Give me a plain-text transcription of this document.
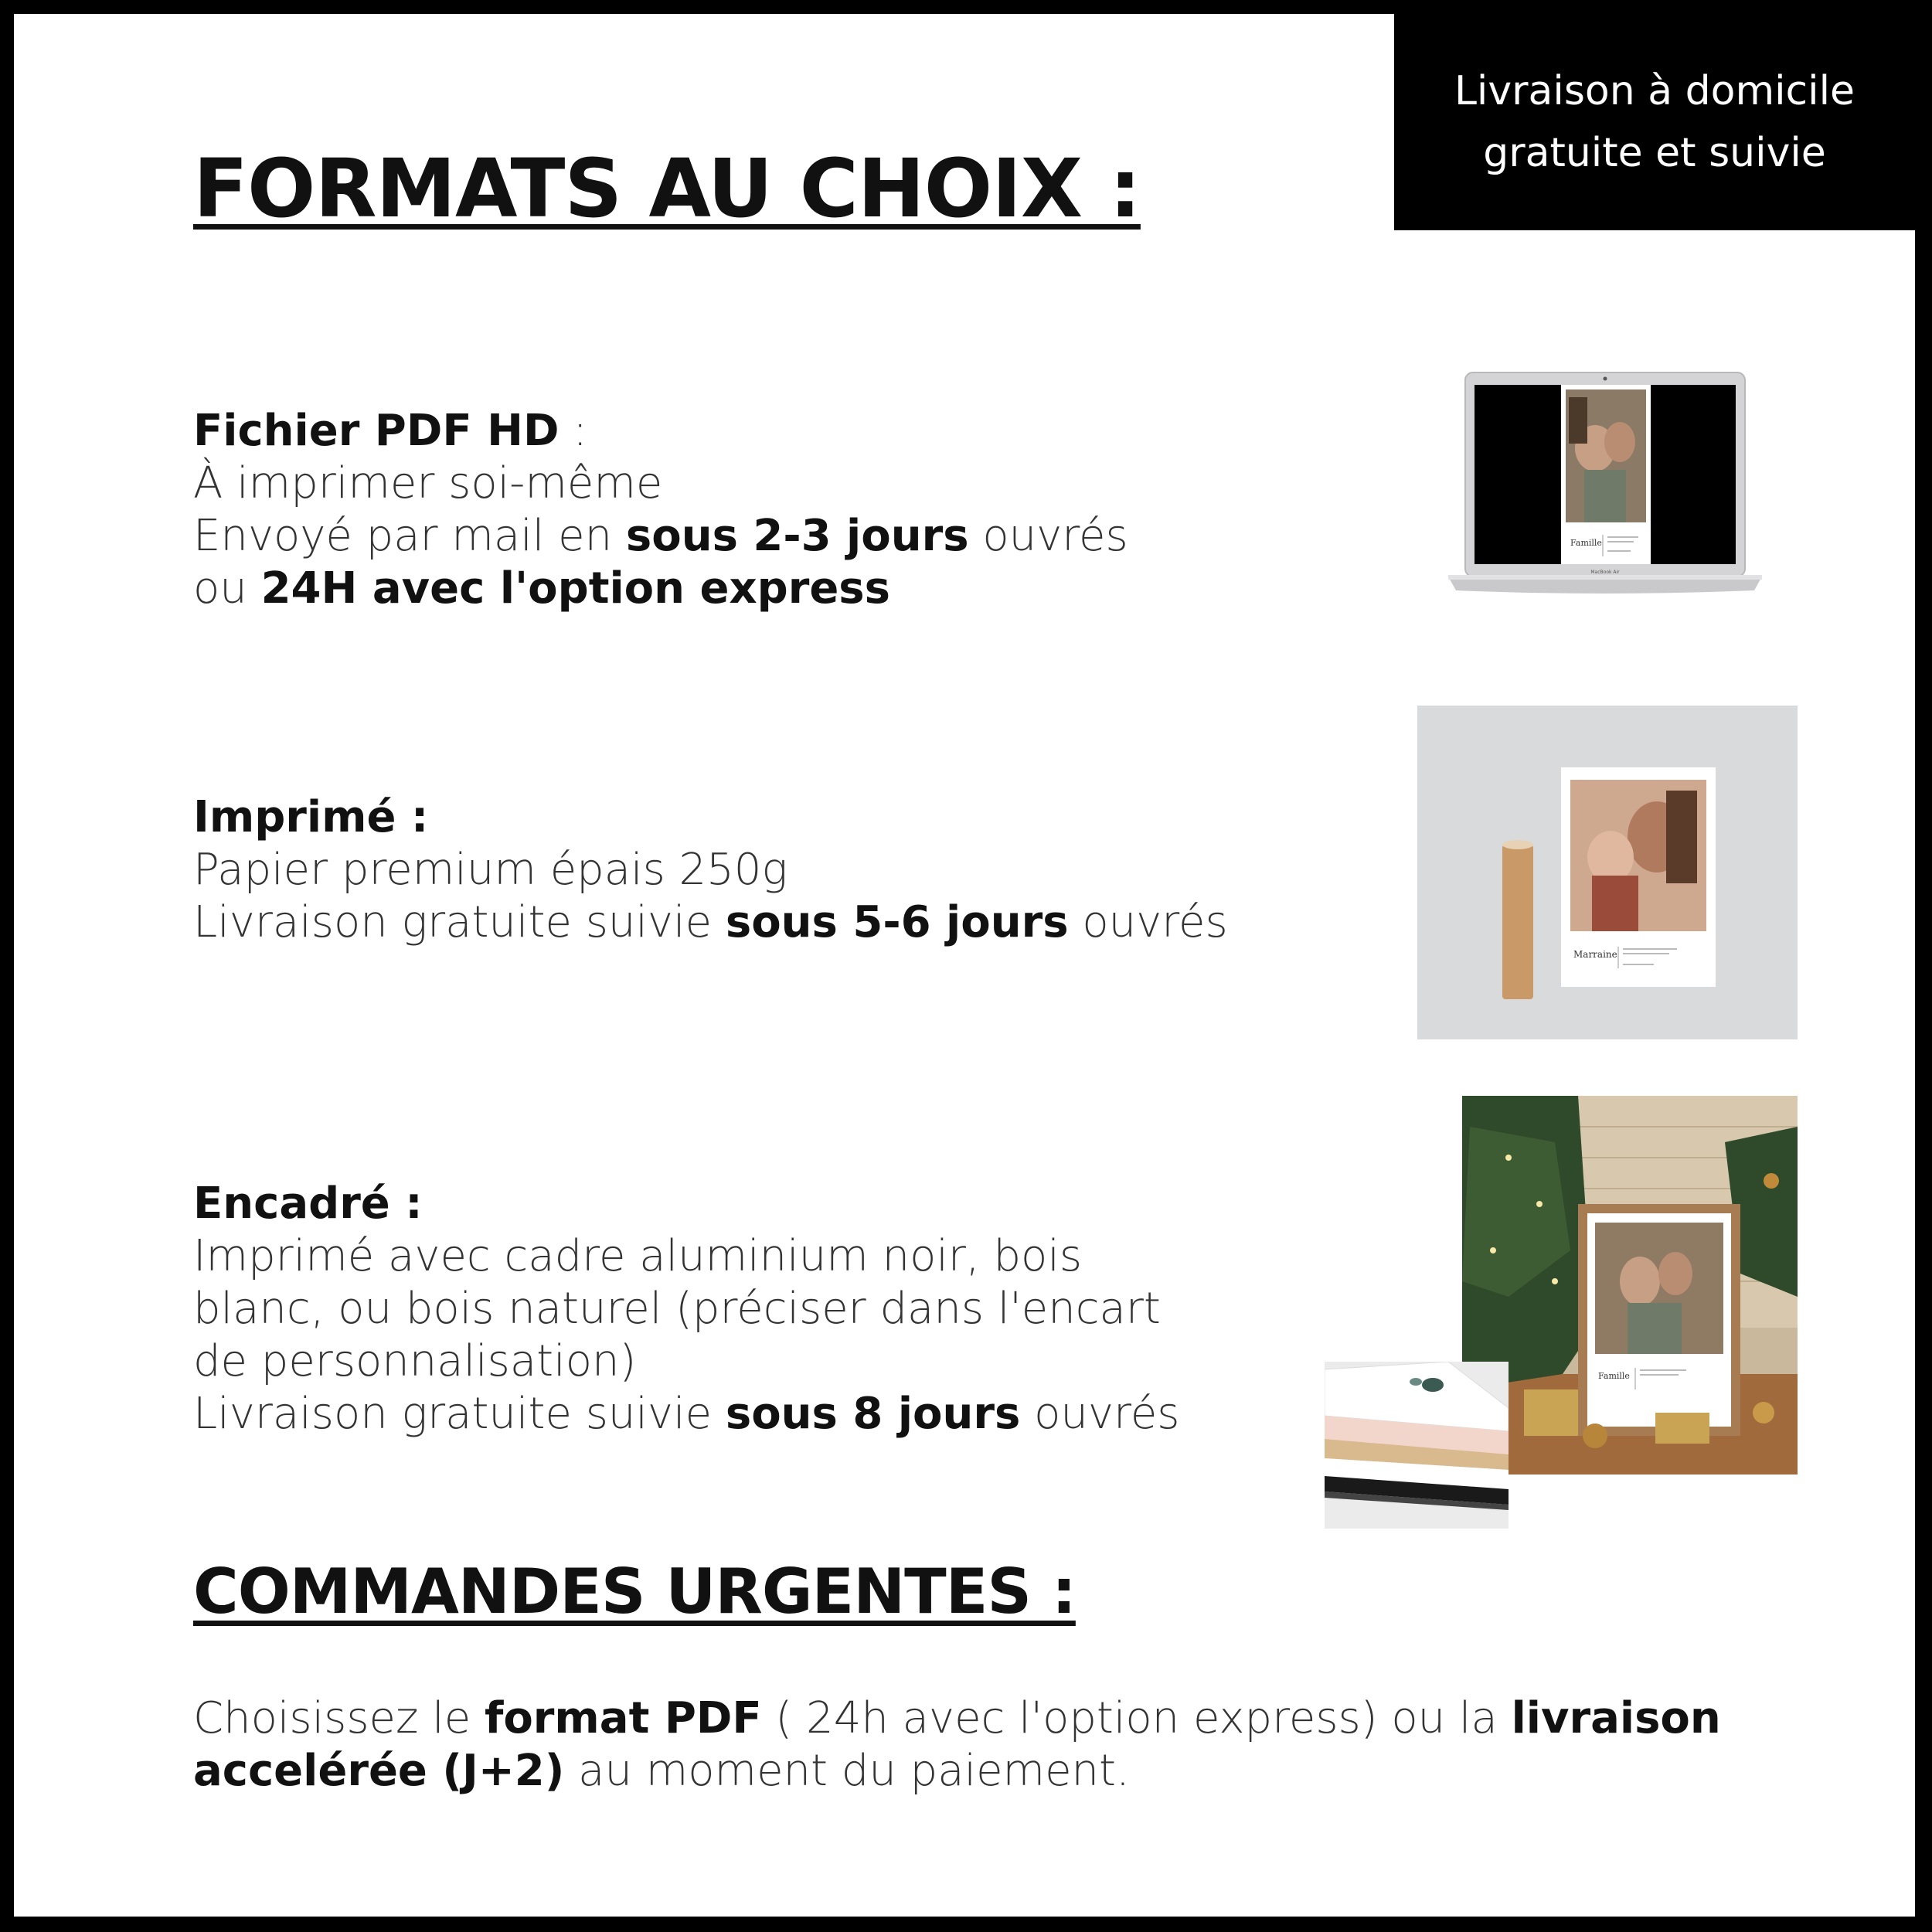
Livraison à domicile
gratuite et suivie
FORMATS AU CHOIX :
Fichier PDF HD :
À imprimer soi-même
Envoyé par mail en sous 2-3 jours ouvrés
ou 24H avec l'option express
Imprimé :
Papier premium épais 250g
Livraison gratuite suivie sous 5-6 jours ouvrés
Encadré :
Imprimé avec cadre aluminium noir, bois
blanc, ou bois naturel (préciser dans l'encart
de personnalisation)
Livraison gratuite suivie sous 8 jours ouvrés
COMMANDES URGENTES :
Choisissez le format PDF ( 24h avec l'option express) ou la livraison
accelérée (J+2) au moment du paiement.
Famille
MacBook Air
Marraine
Famille
